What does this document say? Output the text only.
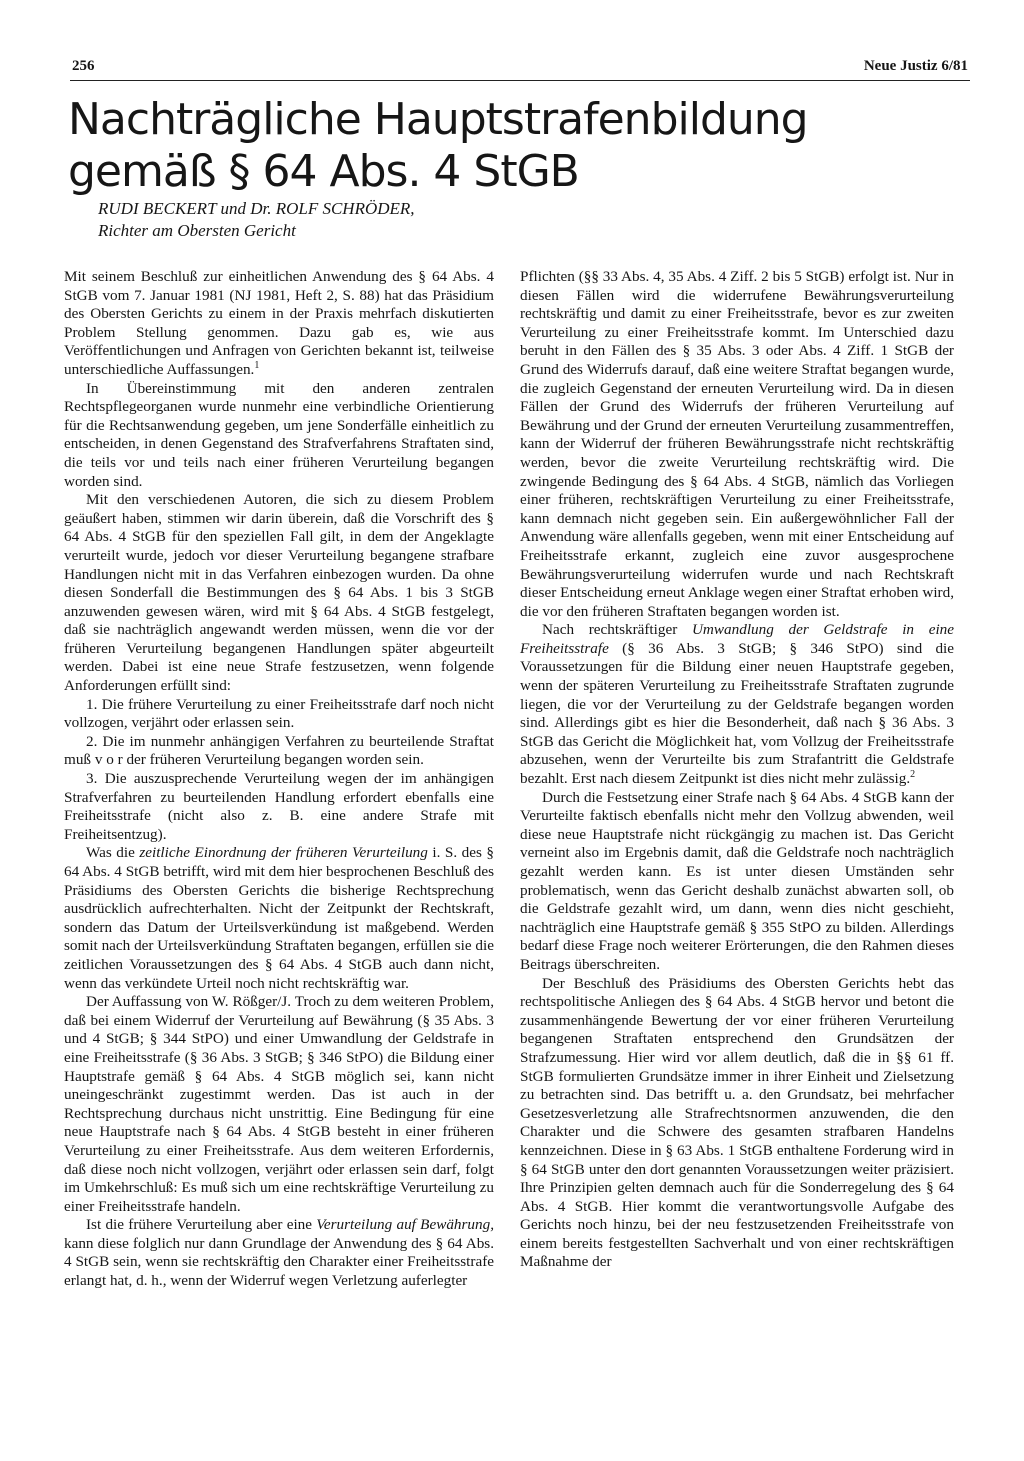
256	Neue Justiz 6/81
Nachträgliche Hauptstrafenbildung
gemäß § 64 Abs. 4 StGB
RUDI BECKERT und Dr. ROLF SCHRÖDER,
Richter am Obersten Gericht

Mit seinem Beschluß zur einheitlichen Anwendung des § 64 Abs. 4 StGB vom 7. Januar 1981 (NJ 1981, Heft 2, S. 88) hat das Präsidium des Obersten Gerichts zu einem in der Praxis mehrfach diskutierten Problem Stellung genommen. Dazu gab es, wie aus Veröffentlichungen und Anfragen von Gerichten bekannt ist, teilweise unterschiedliche Auffassungen.$^1$

In Übereinstimmung mit den anderen zentralen Rechtspflegeorganen wurde nunmehr eine verbindliche Orientierung für die Rechtsanwendung gegeben, um jene Sonderfälle einheitlich zu entscheiden, in denen Gegenstand des Strafverfahrens Straftaten sind, die teils vor und teils nach einer früheren Verurteilung begangen worden sind.

Mit den verschiedenen Autoren, die sich zu diesem Problem geäußert haben, stimmen wir darin überein, daß die Vorschrift des § 64 Abs. 4 StGB für den speziellen Fall gilt, in dem der Angeklagte verurteilt wurde, jedoch vor dieser Verurteilung begangene strafbare Handlungen nicht mit in das Verfahren einbezogen wurden. Da ohne diesen Sonderfall die Bestimmungen des § 64 Abs. 1 bis 3 StGB anzuwenden gewesen wären, wird mit § 64 Abs. 4 StGB festgelegt, daß sie nachträglich angewandt werden müssen, wenn die vor der früheren Verurteilung begangenen Handlungen später abgeurteilt werden. Dabei ist eine neue Strafe festzusetzen, wenn folgende Anforderungen erfüllt sind:

1. Die frühere Verurteilung zu einer Freiheitsstrafe darf noch nicht vollzogen, verjährt oder erlassen sein.

2. Die im nunmehr anhängigen Verfahren zu beurteilende Straftat muß v o r der früheren Verurteilung begangen worden sein.

3. Die auszusprechende Verurteilung wegen der im anhängigen Strafverfahren zu beurteilenden Handlung erfordert ebenfalls eine Freiheitsstrafe (nicht also z. B. eine andere Strafe mit Freiheitsentzug).

Was die zeitliche Einordnung der früheren Verurteilung i. S. des § 64 Abs. 4 StGB betrifft, wird mit dem hier besprochenen Beschluß des Präsidiums des Obersten Gerichts die bisherige Rechtsprechung ausdrücklich aufrechterhalten. Nicht der Zeitpunkt der Rechtskraft, sondern das Datum der Urteilsverkündung ist maßgebend. Werden somit nach der Urteilsverkündung Straftaten begangen, erfüllen sie die zeitlichen Voraussetzungen des § 64 Abs. 4 StGB auch dann nicht, wenn das verkündete Urteil noch nicht rechtskräftig war.

Der Auffassung von W. Rößger/J. Troch zu dem weiteren Problem, daß bei einem Widerruf der Verurteilung auf Bewährung (§ 35 Abs. 3 und 4 StGB; § 344 StPO) und einer Umwandlung der Geldstrafe in eine Freiheitsstrafe (§ 36 Abs. 3 StGB; § 346 StPO) die Bildung einer Hauptstrafe gemäß § 64 Abs. 4 StGB möglich sei, kann nicht uneingeschränkt zugestimmt werden. Das ist auch in der Rechtsprechung durchaus nicht unstrittig. Eine Bedingung für eine neue Hauptstrafe nach § 64 Abs. 4 StGB besteht in einer früheren Verurteilung zu einer Freiheitsstrafe. Aus dem weiteren Erfordernis, daß diese noch nicht vollzogen, verjährt oder erlassen sein darf, folgt im Umkehrschluß: Es muß sich um eine rechtskräftige Verurteilung zu einer Freiheitsstrafe handeln.

Ist die frühere Verurteilung aber eine Verurteilung auf Bewährung, kann diese folglich nur dann Grundlage der Anwendung des § 64 Abs. 4 StGB sein, wenn sie rechtskräftig den Charakter einer Freiheitsstrafe erlangt hat, d. h., wenn der Widerruf wegen Verletzung auferlegter

Pflichten (§§ 33 Abs. 4, 35 Abs. 4 Ziff. 2 bis 5 StGB) erfolgt ist. Nur in diesen Fällen wird die widerrufene Bewährungsverurteilung rechtskräftig und damit zu einer Freiheitsstrafe, bevor es zur zweiten Verurteilung zu einer Freiheitsstrafe kommt. Im Unterschied dazu beruht in den Fällen des § 35 Abs. 3 oder Abs. 4 Ziff. 1 StGB der Grund des Widerrufs darauf, daß eine weitere Straftat begangen wurde, die zugleich Gegenstand der erneuten Verurteilung wird. Da in diesen Fällen der Grund des Widerrufs der früheren Verurteilung auf Bewährung und der Grund der erneuten Verurteilung zusammentreffen, kann der Widerruf der früheren Bewährungsstrafe nicht rechtskräftig werden, bevor die zweite Verurteilung rechtskräftig wird. Die zwingende Bedingung des § 64 Abs. 4 StGB, nämlich das Vorliegen einer früheren, rechtskräftigen Verurteilung zu einer Freiheitsstrafe, kann demnach nicht gegeben sein. Ein außergewöhnlicher Fall der Anwendung wäre allenfalls gegeben, wenn mit einer Entscheidung auf Freiheitsstrafe erkannt, zugleich eine zuvor ausgesprochene Bewährungsverurteilung widerrufen wurde und nach Rechtskraft dieser Entscheidung erneut Anklage wegen einer Straftat erhoben wird, die vor den früheren Straftaten begangen worden ist.

Nach rechtskräftiger Umwandlung der Geldstrafe in eine Freiheitsstrafe (§ 36 Abs. 3 StGB; § 346 StPO) sind die Voraussetzungen für die Bildung einer neuen Hauptstrafe gegeben, wenn der späteren Verurteilung zu Freiheitsstrafe Straftaten zugrunde liegen, die vor der Verurteilung zu der Geldstrafe begangen worden sind. Allerdings gibt es hier die Besonderheit, daß nach § 36 Abs. 3 StGB das Gericht die Möglichkeit hat, vom Vollzug der Freiheitsstrafe abzusehen, wenn der Verurteilte bis zum Strafantritt die Geldstrafe bezahlt. Erst nach diesem Zeitpunkt ist dies nicht mehr zulässig.$^2$

Durch die Festsetzung einer Strafe nach § 64 Abs. 4 StGB kann der Verurteilte faktisch ebenfalls nicht mehr den Vollzug abwenden, weil diese neue Hauptstrafe nicht rückgängig zu machen ist. Das Gericht verneint also im Ergebnis damit, daß die Geldstrafe noch nachträglich gezahlt werden kann. Es ist unter diesen Umständen sehr problematisch, wenn das Gericht deshalb zunächst abwarten soll, ob die Geldstrafe gezahlt wird, um dann, wenn dies nicht geschieht, nachträglich eine Hauptstrafe gemäß § 355 StPO zu bilden. Allerdings bedarf diese Frage noch weiterer Erörterungen, die den Rahmen dieses Beitrags überschreiten.

Der Beschluß des Präsidiums des Obersten Gerichts hebt das rechtspolitische Anliegen des § 64 Abs. 4 StGB hervor und betont die zusammenhängende Bewertung der vor einer früheren Verurteilung begangenen Straftaten entsprechend den Grundsätzen der Strafzumessung. Hier wird vor allem deutlich, daß die in §§ 61 ff. StGB formulierten Grundsätze immer in ihrer Einheit und Zielsetzung zu betrachten sind. Das betrifft u. a. den Grundsatz, bei mehrfacher Gesetzesverletzung alle Strafrechtsnormen anzuwenden, die den Charakter und die Schwere des gesamten strafbaren Handelns kennzeichnen. Diese in § 63 Abs. 1 StGB enthaltene Forderung wird in § 64 StGB unter den dort genannten Voraussetzungen weiter präzisiert. Ihre Prinzipien gelten demnach auch für die Sonderregelung des § 64 Abs. 4 StGB. Hier kommt die verantwortungsvolle Aufgabe des Gerichts noch hinzu, bei der neu festzusetzenden Freiheitsstrafe von einem bereits festgestellten Sachverhalt und von einer rechtskräftigen Maßnahme der
